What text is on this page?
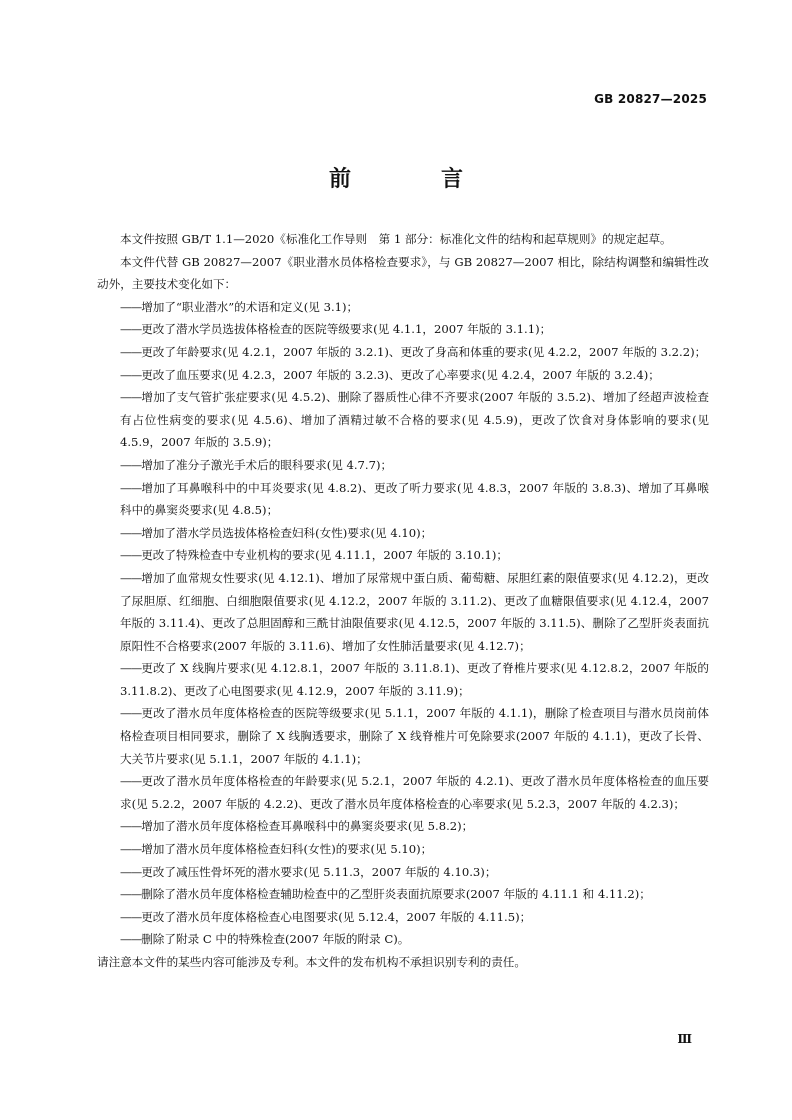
GB 20827—2025
前　言
本文件按照 GB/T 1.1—2020《标准化工作导则　第 1 部分：标准化文件的结构和起草规则》的规定起草。
本文件代替 GB 20827—2007《职业潜水员体格检查要求》，与 GB 20827—2007 相比，除结构调整和编辑性改动外，主要技术变化如下：
——增加了“职业潜水”的术语和定义(见 3.1)；
——更改了潜水学员选拔体格检查的医院等级要求(见 4.1.1，2007 年版的 3.1.1)；
——更改了年龄要求(见 4.2.1，2007 年版的 3.2.1)、更改了身高和体重的要求(见 4.2.2，2007 年版的 3.2.2)；
——更改了血压要求(见 4.2.3，2007 年版的 3.2.3)、更改了心率要求(见 4.2.4，2007 年版的 3.2.4)；
——增加了支气管扩张症要求(见 4.5.2)、删除了器质性心律不齐要求(2007 年版的 3.5.2)、增加了经超声波检查有占位性病变的要求(见 4.5.6)、增加了酒精过敏不合格的要求(见 4.5.9)，更改了饮食对身体影响的要求(见 4.5.9，2007 年版的 3.5.9)；
——增加了准分子激光手术后的眼科要求(见 4.7.7)；
——增加了耳鼻喉科中的中耳炎要求(见 4.8.2)、更改了听力要求(见 4.8.3，2007 年版的 3.8.3)、增加了耳鼻喉科中的鼻窦炎要求(见 4.8.5)；
——增加了潜水学员选拔体格检查妇科(女性)要求(见 4.10)；
——更改了特殊检查中专业机构的要求(见 4.11.1，2007 年版的 3.10.1)；
——增加了血常规女性要求(见 4.12.1)、增加了尿常规中蛋白质、葡萄糖、尿胆红素的限值要求(见 4.12.2)，更改了尿胆原、红细胞、白细胞限值要求(见 4.12.2，2007 年版的 3.11.2)、更改了血糖限值要求(见 4.12.4，2007 年版的 3.11.4)、更改了总胆固醇和三酰甘油限值要求(见 4.12.5，2007 年版的 3.11.5)、删除了乙型肝炎表面抗原阳性不合格要求(2007 年版的 3.11.6)、增加了女性肺活量要求(见 4.12.7)；
——更改了 X 线胸片要求(见 4.12.8.1，2007 年版的 3.11.8.1)、更改了脊椎片要求(见 4.12.8.2，2007 年版的 3.11.8.2)、更改了心电图要求(见 4.12.9，2007 年版的 3.11.9)；
——更改了潜水员年度体格检查的医院等级要求(见 5.1.1，2007 年版的 4.1.1)，删除了检查项目与潜水员岗前体格检查项目相同要求，删除了 X 线胸透要求，删除了 X 线脊椎片可免除要求(2007 年版的 4.1.1)，更改了长骨、大关节片要求(见 5.1.1，2007 年版的 4.1.1)；
——更改了潜水员年度体格检查的年龄要求(见 5.2.1，2007 年版的 4.2.1)、更改了潜水员年度体格检查的血压要求(见 5.2.2，2007 年版的 4.2.2)、更改了潜水员年度体格检查的心率要求(见 5.2.3，2007 年版的 4.2.3)；
——增加了潜水员年度体格检查耳鼻喉科中的鼻窦炎要求(见 5.8.2)；
——增加了潜水员年度体格检查妇科(女性)的要求(见 5.10)；
——更改了减压性骨坏死的潜水要求(见 5.11.3，2007 年版的 4.10.3)；
——删除了潜水员年度体格检查辅助检查中的乙型肝炎表面抗原要求(2007 年版的 4.11.1 和 4.11.2)；
——更改了潜水员年度体格检查心电图要求(见 5.12.4，2007 年版的 4.11.5)；
——删除了附录 C 中的特殊检查(2007 年版的附录 C)。
请注意本文件的某些内容可能涉及专利。本文件的发布机构不承担识别专利的责任。
Ⅲ
